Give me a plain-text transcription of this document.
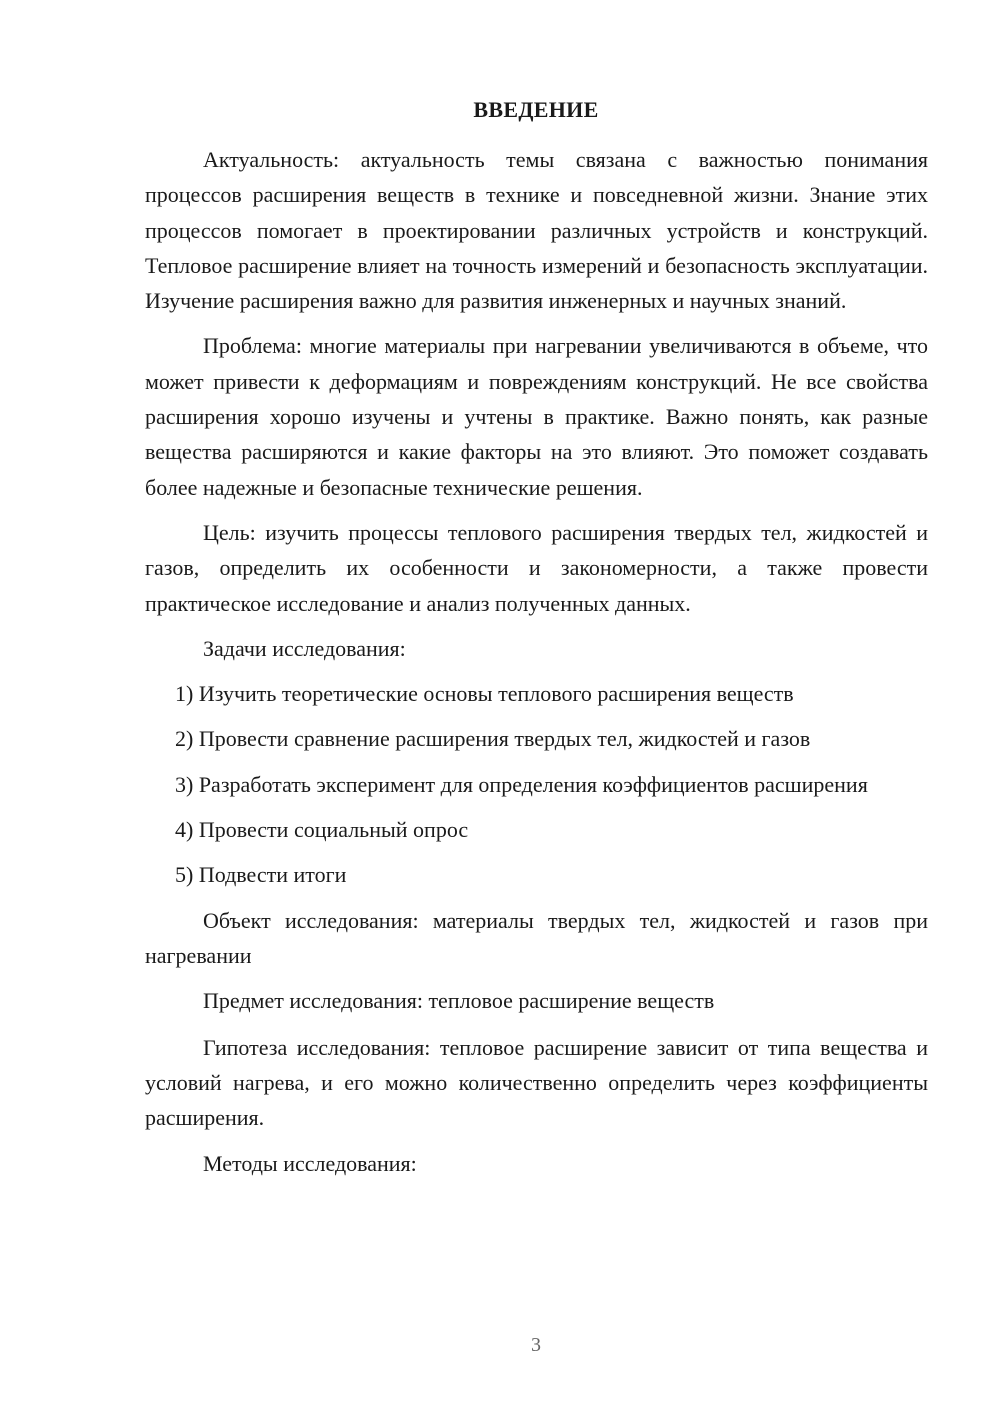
ВВЕДЕНИЕ

Актуальность: актуальность темы связана с важностью понимания процессов расширения веществ в технике и повседневной жизни. Знание этих процессов помогает в проектировании различных устройств и конструкций. Тепловое расширение влияет на точность измерений и безопасность эксплуатации. Изучение расширения важно для развития инженерных и научных знаний.

Проблема: многие материалы при нагревании увеличиваются в объеме, что может привести к деформациям и повреждениям конструкций. Не все свойства расширения хорошо изучены и учтены в практике. Важно понять, как разные вещества расширяются и какие факторы на это влияют. Это поможет создавать более надежные и безопасные технические решения.

Цель: изучить процессы теплового расширения твердых тел, жидкостей и газов, определить их особенности и закономерности, а также провести практическое исследование и анализ полученных данных.

Задачи исследования:

1) Изучить теоретические основы теплового расширения веществ

2) Провести сравнение расширения твердых тел, жидкостей и газов

3) Разработать эксперимент для определения коэффициентов расширения

4) Провести социальный опрос

5) Подвести итоги

Объект исследования: материалы твердых тел, жидкостей и газов при нагревании

Предмет исследования: тепловое расширение веществ

Гипотеза исследования: тепловое расширение зависит от типа вещества и условий нагрева, и его можно количественно определить через коэффициенты расширения.

Методы исследования:

3
